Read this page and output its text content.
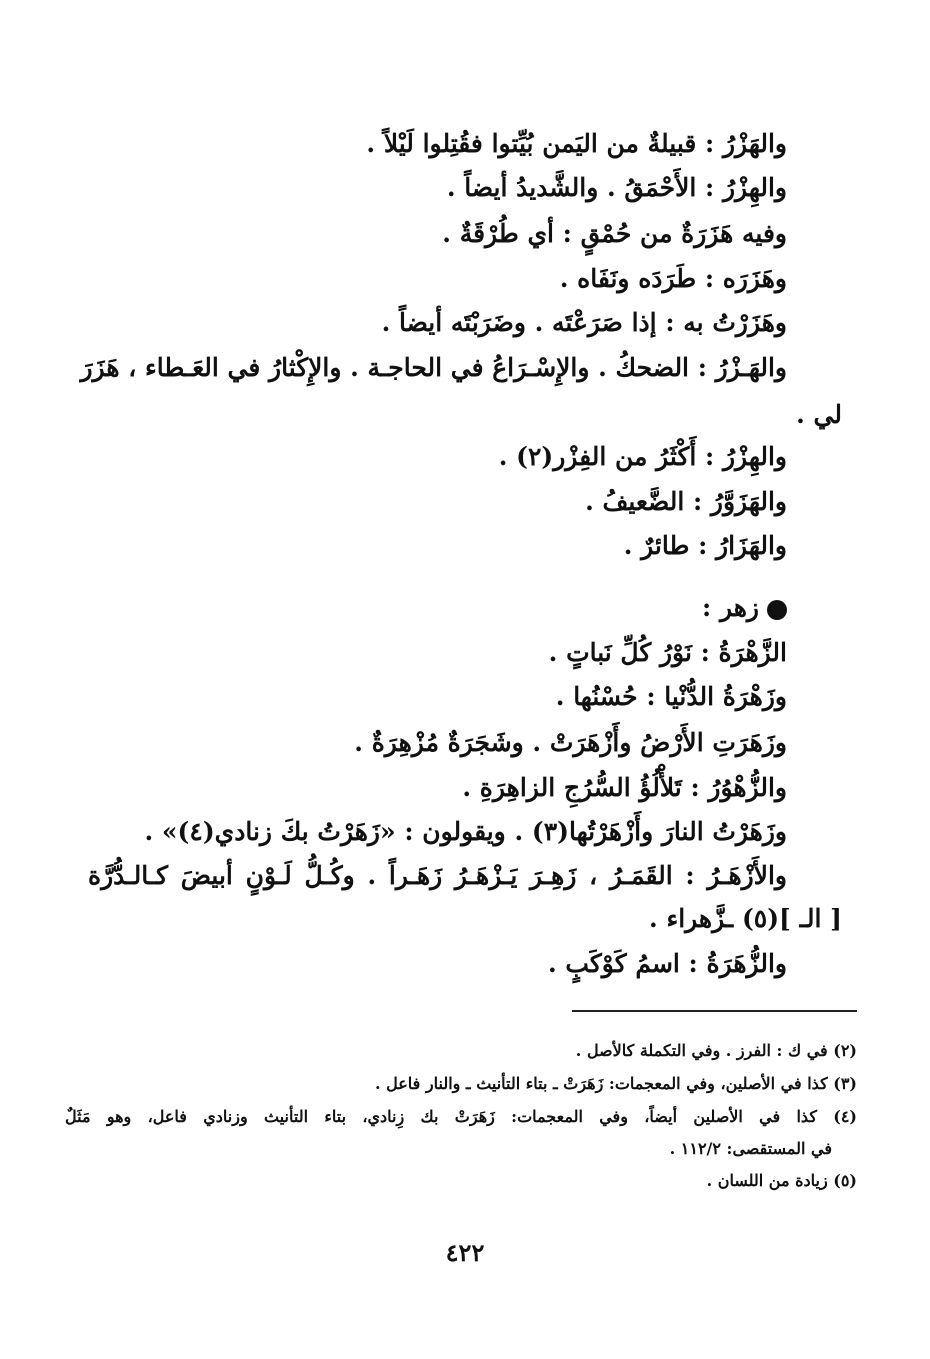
والهَزْرُ : قبيلةٌ من اليَمن بُيِّتوا فقُتِلوا لَيْلاً .
والهِزْرُ : الأَحْمَقُ . والشَّديدُ أيضاً .
وفيه هَزَرَةٌ من حُمْقٍ : أي طُرْقَةٌ .
وهَزَرَه : طَرَدَه ونَفَاه .
وهَزَرْتُ به : إذا صَرَعْتَه . وضَرَبْتَه أيضاً .
والهَـزْرُ : الضحكُ . والإِسْـرَاعُ في الحاجـة . والإِكْثارُ في العَـطاء ، هَزَرَ
لي .
والهِزْرُ : أَكْثَرُ من الفِزْر(٢) .
والهَزَوَّرُ : الضَّعيفُ .
والهَزَارُ : طائرٌ .
زهر :
الزَّهْرَةُ : نَوْرُ كُلِّ نَباتٍ .
وزَهْرَةُ الدُّنْيا : حُسْنُها .
وزَهَرَتِ الأَرْضُ وأَزْهَرَتْ . وشَجَرَةٌ مُزْهِرَةٌ .
والزُّهْوُرُ : تَلأْلُؤُ السُّرُجِ الزاهِرَةِ .
وزَهَرْتُ النارَ وأَزْهَرْتُها(٣) . ويقولون : «زَهَرْتُ بكَ زنادي(٤)» .
والأَزْهَـرُ : القَمَـرُ ، زَهِـرَ يَـزْهَـرُ زَهَـراً . وكُـلُّ لَـوْنٍ أبيضَ كـالـدُّرَّة
[ الـ ](٥) ـزَّهراء .
والزُّهَرَةُ : اسمُ كَوْكَبٍ .
(٢) في ك : الفرز . وفي التكملة كالأصل .
(٣) كذا في الأصلين، وفي المعجمات: زَهَرَتْ ـ بتاء التأنيث ـ والنار فاعل .
(٤) كذا في الأصلين أيضاً، وفي المعجمات: زَهَرَتْ بك زِنادي، بتاء التأنيث وزنادي فاعل، وهو مَثَلٌ
في المستقصى: ١١٢/٢ .
(٥) زيادة من اللسان .
٤٢٢
